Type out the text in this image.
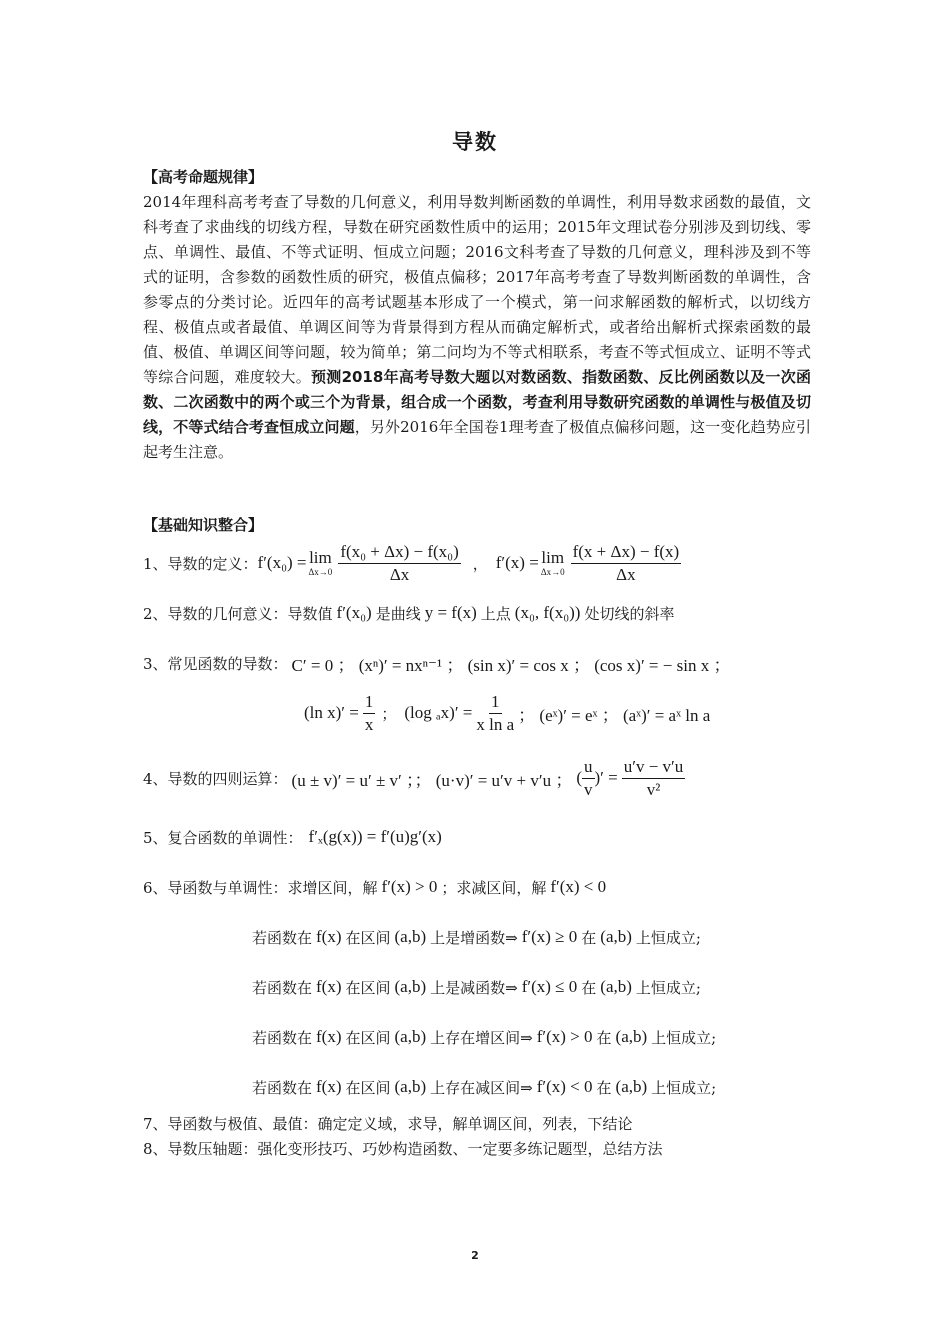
导数
【高考命题规律】
2014年理科高考考查了导数的几何意义，利用导数判断函数的单调性，利用导数求函数的最值，文科考查了求曲线的切线方程，导数在研究函数性质中的运用；2015年文理试卷分别涉及到切线、零点、单调性、最值、不等式证明、恒成立问题；2016文科考查了导数的几何意义，理科涉及到不等式的证明，含参数的函数性质的研究，极值点偏移；2017年高考考查了导数判断函数的单调性，含参零点的分类讨论。近四年的高考试题基本形成了一个模式，第一问求解函数的解析式，以切线方程、极值点或者最值、单调区间等为背景得到方程从而确定解析式，或者给出解析式探索函数的最值、极值、单调区间等问题，较为简单；第二问均为不等式相联系，考查不等式恒成立、证明不等式等综合问题，难度较大。预测2018年高考导数大题以对数函数、指数函数、反比例函数以及一次函数、二次函数中的两个或三个为背景，组合成一个函数，考查利用导数研究函数的单调性与极值及切线，不等式结合考查恒成立问题，另外2016年全国卷1理考查了极值点偏移问题，这一变化趋势应引起考生注意。
【基础知识整合】
1、导数的定义： f′(x₀) = lim
$\Delta x\to 0 \frac{\text{f(x₀ + Δx) − f(x₀)}}{\Delta x}$ ， f′(x) = lim
$\Delta x\to 0 \frac{f(x + \Delta x) - f(x)}{\Delta x}$
2、导数的几何意义：导数值 f′(x₀) 是曲线 y = f(x) 上点 (x₀, f(x₀)) 处切线的斜率
3、常见函数的导数： C′ = 0 ； (xⁿ)′ = nxⁿ⁻¹ ； (sin x)′ = cos x ； (cos x)′ = − sin x ；
(ln $x)' = \frac{1}{x}$ ； (log $_ax)' = \frac{1}{\text{x ln a}}$ ； (eˣ)′ = eˣ ； (aˣ)′ = aˣ ln a
4、导数的四则运算： (u ± v)′ = u′ ± v′ ；； (u·v)′ = u′v + v′u ； ( $\frac{u}{v}$ )′ = $\frac{u'v - v'u}{\text{v²}}$
5、复合函数的单调性： f′ₓ(g(x)) = f′(u)g′(x)
6、导函数与单调性：求增区间，解 f′(x) > 0 ；求减区间，解 f′(x) < 0
若函数在 f(x) 在区间 (a,b) 上是增函数⇒ f′(x) ≥ 0 在 (a,b) 上恒成立;
若函数在 f(x) 在区间 (a,b) 上是减函数⇒ f′(x) ≤ 0 在 (a,b) 上恒成立;
若函数在 f(x) 在区间 (a,b) 上存在增区间⇒ f′(x) > 0 在 (a,b) 上恒成立;
若函数在 f(x) 在区间 (a,b) 上存在减区间⇒ f′(x) < 0 在 (a,b) 上恒成立;
7、导函数与极值、最值：确定定义域，求导，解单调区间，列表，下结论
8、导数压轴题：强化变形技巧、巧妙构造函数、一定要多练记题型，总结方法
2
